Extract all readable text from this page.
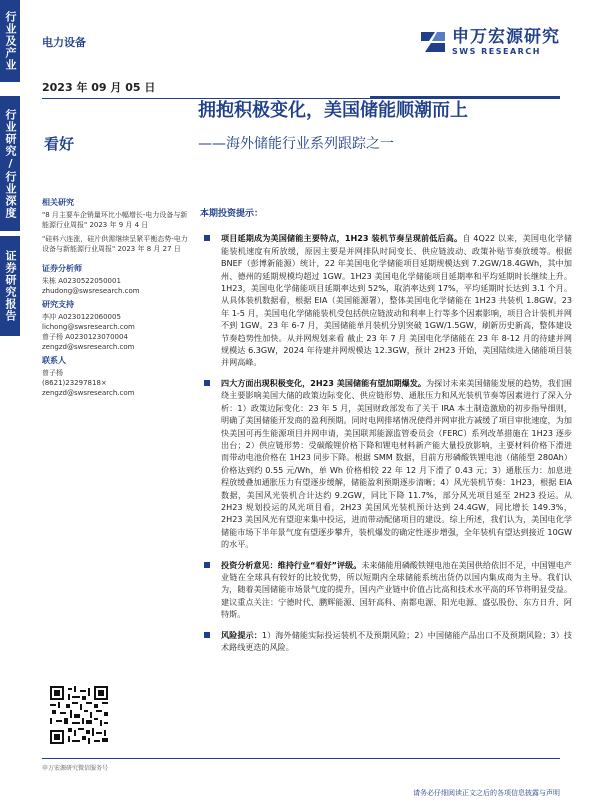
行业及产业
行业研究/行业深度
证券研究报告
电力设备	申万宏源研究
SWS RESEARCH
2023 年 09 月 05 日
看好
拥抱积极变化，美国储能顺潮而上
——海外储能行业系列跟踪之一
相关研究
"8 月主要车企销量环比小幅增长-电力设备与新能源行业周报" 2023 年 9 月 4 日
"硅料六连涨，硅片供需继续呈紧平衡态势-电力设备与新能源行业周报" 2023 年 8 月 27 日
证券分析师
朱栋 A0230522050001
zhudong@swsresearch.com
研究支持
李冲 A0230122060005
lichong@swsresearch.com
曾子杨 A0230123070004
zengzd@swsresearch.com
联系人
曾子杨
(8621)23297818×
zengzd@swsresearch.com
申万宏源研究微信服务号
本期投资提示：
项目延期成为美国储能主要特点，1H23 装机节奏呈现前低后高。自 4Q22 以来，美国电化学储能装机速度有所放缓，原因主要是并网排队时间变长、供应链波动、政策补贴节奏放缓等。根据 BNEF（彭博新能源）统计，22 年美国电化学储能项目延期规模达到 7.2GW/18.4GWh，其中加州、德州的延期规模均超过 1GW。1H23 美国电化学储能项目延期率和平均延期时长继续上升。1H23，美国电化学储能项目延期率达到 52%，取消率达到 17%，平均延期时长达到 3.1 个月。从具体装机数据看，根据 EIA（美国能源署），整体美国电化学储能在 1H23 共装机 1.8GW。23 年 1-5 月，美国电化学储能装机受包括供应链波动和利率上行等多个因素影响，项目合计装机并网不到 1GW。23 年 6-7 月，美国储能单月装机分别突破 1GW/1.5GW，刷新历史新高，整体建设节奏趋势性加快。从并网规划来看 截止 23 年 7 月 美国电化学储能在 23 年 8-12 月的待建并网规模达 6.3GW，2024 年待建并网规模达 12.3GW，预计 2H23 开始，美国陆续进入储能项目装并网高峰。
四大方面出现积极变化，2H23 美国储能有望加期爆发。为探讨未来美国储能发展的趋势，我们围绕主要影响美国大储的政策边际变化、供应链形势、通胀压力和风光装机节奏等因素进行了深入分析：1）政策边际变化：23 年 5 月，美国财政部发布了关于 IRA 本土制造激励的初步指导细则，明确了美国储能开发商的盈利预期。同时电网排堵情况使得并网审批方减缓了项目审批速度，为加快美国可再生能源项目并网申请，美国联邦能源监管委员会（FERC）系列改革措施在 1H23 逐步出台；2）供应链形势：受碳酸锂价格下降和锂电材料新产能大量投放影响，主要材料价格下滑进而带动电池价格在 1H23 同步下降。根据 SMM 数据，目前方形磷酸铁锂电池（储能型 280Ah）价格达到约 0.55 元/Wh，单 Wh 价格相较 22 年 12 月下滑了 0.43 元；3）通胀压力：加息进程放缓叠加通胀压力有望逐步缓解，储能盈利预期逐步清晰；4）风光装机节奏：1H23，根据 EIA 数据，美国风光装机合计达约 9.2GW，同比下降 11.7%，部分风光项目延至 2H23 投运。从 2H23 规划投运的风光项目看，2H23 美国风光装机预计达到 24.4GW，同比增长 149.3%，2H23 美国风光有望迎来集中投运，进而带动配储项目的建设。综上所述，我们认为，美国电化学储能市场下半年景气度有望逐步攀升，装机爆发的确定性逐步增强，全年装机有望达到接近 10GW 的水平。
投资分析意见：维持行业“看好”评级。未来储能用磷酸铁锂电池在美国供给依旧不足，中国锂电产业链在全球具有较好的比较优势，所以短期内全球储能系统出货仍以国内集成商为主导。我们认为，随着美国储能市场景气度的提升，国内产业链中价值占比高和技术水平高的环节将明显受益。建议重点关注：宁德时代、鹏辉能源、国轩高科、南都电源、阳光电源、盛弘股份、东方日升、阿特斯。
风险提示：1）海外储能实际投运装机不及预期风险；2）中国储能产品出口不及预期风险；3）技术路线更迭的风险。
请务必仔细阅读正文之后的各项信息披露与声明
